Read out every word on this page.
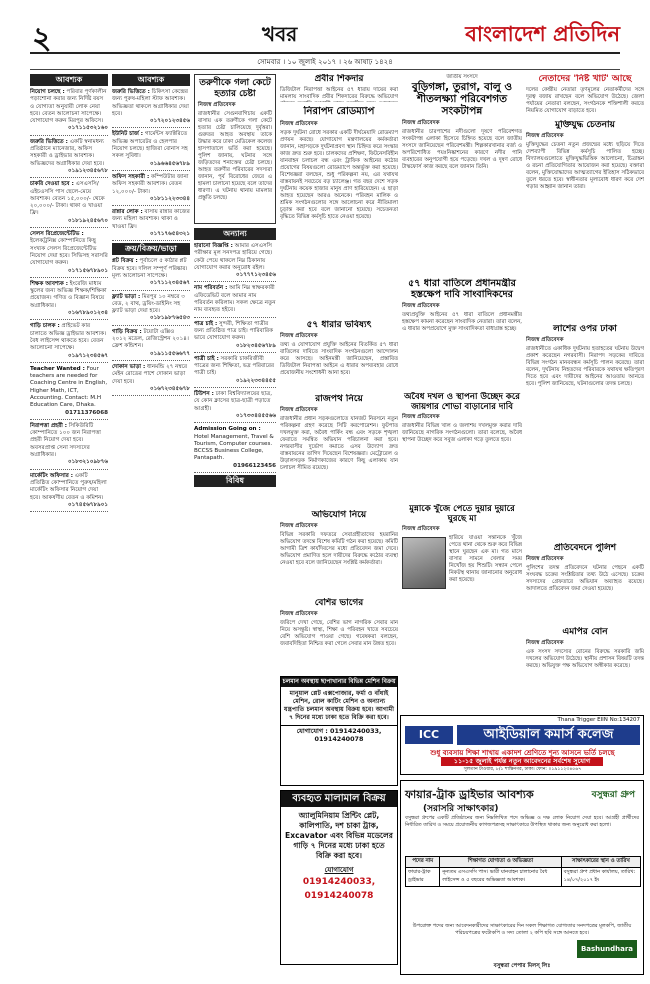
২	খবর	বাংলাদেশ প্রতিদিন
সোমবার । ১০ জুলাই ২০১৭ । ২৬ আষাঢ় ১৪২৪
আবশ্যক
নিয়োগ চলছে : পরিবার পূর্ণকালীন পড়াশোনা করার জন্য নির্দিষ্ট বয়স ও যোগ্যতা অনুযায়ী লোক নেয়া হবে। বেতন আলোচনা সাপেক্ষে। যোগাযোগ করুন মিরপুর অফিসে।
০১৭১১৫৩২১৬০
জরুরি ভিত্তিতে : একটি স্বনামধন্য প্রতিষ্ঠানে ম্যানেজার, অফিস সহকারী ও ড্রাইভার আবশ্যক। অভিজ্ঞদের অগ্রাধিকার দেয়া হবে।
০১৯১২৩৪৫৬৭৮
চাকরি দেওয়া হবে : এসএসসি/এইচএসসি পাস ছেলে-মেয়ে আবশ্যক। বেতন ১৫,০০০/- থেকে ২০,০০০/- টাকা। থাকা ও খাওয়া ফ্রি।
০১৮১৯২৪৫৬৭০
সেলস রিপ্রেজেন্টেটিভ : ইলেকট্রনিক্স কোম্পানিতে কিছু সংখ্যক সেলস রিপ্রেজেন্টেটিভ নিয়োগ দেয়া হবে। সিভিসহ সরাসরি যোগাযোগ করুন।
০১৭১৫৬৭৮৯০১
শিক্ষক আবশ্যক : ইংরেজি মাধ্যম স্কুলের জন্য অভিজ্ঞ শিক্ষক/শিক্ষিকা প্রয়োজন। গণিত ও বিজ্ঞান বিষয়ে অগ্রাধিকার।
০১৬৭৮৯০১২৩৪
গাড়ি চালক : প্রাইভেট কার চালাতে অভিজ্ঞ ড্রাইভার আবশ্যক। বৈধ লাইসেন্স থাকতে হবে। বেতন আলোচনা সাপেক্ষে।
০১৯৭১২৩৪৫৬৭
Teacher Wanted : Four teachers are needed for Coaching Centre in English, Higher Math, ICT, Accounting. Contact: M.H Education Care, Dhaka.
01711376068
নিরাপত্তা প্রহরী : সিকিউরিটি কোম্পানিতে ১০০ জন নিরাপত্তা প্রহরী নিয়োগ দেয়া হবে। অবসরপ্রাপ্ত সেনা সদস্যদের অগ্রাধিকার।
০১৮৩২১০৯৮৭৬
মার্কেটিং অফিসার : একটি প্রতিষ্ঠিত কোম্পানিতে পুরুষ/মহিলা মার্কেটিং অফিসার নিয়োগ দেয়া হবে। আকর্ষণীয় বেতন ও কমিশন।
০১৭৪৫৬৭৮৯০১
আবশ্যক
জরুরি ভিত্তিতে : চিকিৎসা কেন্দ্রের জন্য পুরুষ-মহিলা স্টাফ আবশ্যক। অভিজ্ঞতা থাকলে অগ্রাধিকার দেয়া হবে।
০১৭২০১২৩৪৫৬
ইউনিট চার্জ : গার্মেন্টস ফ্যাক্টরিতে অভিজ্ঞ অপারেটর ও হেলপার নিয়োগ চলছে। হাজিরা বোনাস সহ সকল সুবিধা।
০১৯৬৬৪৫৬৭৮৯
অফিস সহকারী : কম্পিউটার জানা অফিস সহকারী আবশ্যক। বেতন ১২,০০০/- টাকা।
০১৮১১২২৩৩৪৪
রান্নার লোক : বাসায় রান্নার কাজের জন্য মহিলা আবশ্যক। থাকা ও খাওয়া ফ্রি।
০১৭১৭৬৫৪৩২১
ক্রয়/বিক্রয়/ভাড়া
প্লট বিক্রয় : পূর্বাচলে ৫ কাঠার প্লট বিক্রয় হবে। দলিল সম্পূর্ণ পরিষ্কার। মূল্য আলোচনা সাপেক্ষে।
০১৭১১২৩৪৫৬৭
ফ্ল্যাট ভাড়া : মিরপুর ১০ নম্বরে ৩ বেড, ২ বাথ, ড্রয়িং-ডাইনিং সহ ফ্ল্যাট ভাড়া দেয়া হবে।
০১৮১৯৮৭৬৫৪৩
গাড়ি বিক্রয় : টয়োটা এক্সিও ২০১২ মডেল, রেজিস্ট্রেশন ২০১৪। ফ্রেশ কন্ডিশন।
০১৯১১৫৫৬৬৭৭
দোকান ভাড়া : ধানমন্ডি ২৭ নম্বরে মেইন রোডের পাশে দোকান ভাড়া দেয়া হবে।
০১৬৭২৩৪৫৬৭৮
তরুণীকে গলা কেটে হত্যার চেষ্টা
নিজস্ব প্রতিবেদক

রাজধানীর সেগুনবাগিচায় একটি বাসায় এক তরুণীকে গলা কেটে হত্যার চেষ্টা চালিয়েছে দুর্বৃত্তরা। গুরুতর আহত অবস্থায় তাকে উদ্ধার করে ঢাকা মেডিকেল কলেজ হাসপাতালে ভর্তি করা হয়েছে। পুলিশ জানায়, ঘটনার সঙ্গে জড়িতদের শনাক্তের চেষ্টা চলছে। আহত তরুণীর পরিবারের সদস্যরা জানান, পূর্ব বিরোধের জেরে এ হামলা চালানো হয়েছে বলে তাদের ধারণা। এ ঘটনায় থানায় মামলার প্রস্তুতি চলছে।

অন্যান্য
হারানো বিজ্ঞপ্তি : আমার এসএসসি পরীক্ষার মূল সনদপত্র হারিয়ে গেছে। কেউ পেয়ে থাকলে নিম্ন ঠিকানায় যোগাযোগ করার অনুরোধ রইল।
০১৭৭৭১২৩৪৫৬
নাম পরিবর্তন : আমি নিম্ন স্বাক্ষরকারী এফিডেভিট বলে আমার নাম পরিবর্তন করিলাম। সকল ক্ষেত্রে নতুন নাম ব্যবহৃত হইবে।
পাত্র চাই : সুন্দরী, শিক্ষিতা পাত্রীর জন্য প্রতিষ্ঠিত পাত্র চাই। পারিবারিক ভাবে যোগাযোগ করুন।
০১৮২৩৪৫৬৭৮৯
পাত্রী চাই : সরকারি চাকরিজীবী পাত্রের জন্য শিক্ষিতা, ভদ্র পরিবারের পাত্রী চাই।
০১৯২২৩৩৪৪৫৫
টিউশন : ঢাকা বিশ্ববিদ্যালয়ের ছাত্র, যে কোন ক্লাসের ছাত্র-ছাত্রী পড়াতে আগ্রহী।
০১৭৩৩৪৪৫৫৬৬
Admission Going on : Hotel Management, Travel & Tourism, Computer courses. BCCSS Business College, Pantapath.
01966123456
বিবিধ
প্রবীর শিকদার

ডিজিটাল নিরাপত্তা আইনের ৫৭ ধারায় দায়ের করা মামলায় সাংবাদিক প্রবীর শিকদারের বিরুদ্ধে অভিযোগ

নিরাপদ রোডম্যাপ
নিজস্ব প্রতিবেদক

সড়ক দুর্ঘটনা রোধে সরকার একটি দীর্ঘমেয়াদি রোডম্যাপ প্রণয়ন করছে। যোগাযোগ মন্ত্রণালয়ের কর্মকর্তারা জানান, মহাসড়কে দুর্ঘটনাপ্রবণ স্থান চিহ্নিত করে সংস্কার কাজ দ্রুত শুরু হবে। চালকদের প্রশিক্ষণ, ফিটনেসবিহীন যানবাহন চলাচল বন্ধ এবং ট্রাফিক আইনের কঠোর প্রয়োগের বিষয়গুলো রোডম্যাপে অন্তর্ভুক্ত করা হয়েছে। বিশেষজ্ঞরা বলছেন, শুধু পরিকল্পনা নয়, এর যথাযথ বাস্তবায়নই সবচেয়ে বড় চ্যালেঞ্জ। গত বছর দেশে সড়ক দুর্ঘটনায় কয়েক হাজার মানুষ প্রাণ হারিয়েছেন। এ ছাড়া আহত হয়েছেন আরও অনেকে। পরিবহন মালিক ও শ্রমিক সংগঠনগুলোর সঙ্গে আলোচনা করে নীতিমালা চূড়ান্ত করা হবে বলে জানানো হয়েছে। সচেতনতা বৃদ্ধিতে বিভিন্ন কর্মসূচি হাতে নেওয়া হয়েছে।

৫৭ ধারার ভবিষ্যৎ
নিজস্ব প্রতিবেদক

তথ্য ও যোগাযোগ প্রযুক্তি আইনের বিতর্কিত ৫৭ ধারা বাতিলের দাবিতে সাংবাদিক সংগঠনগুলো আন্দোলন করে আসছে। আইনমন্ত্রী জানিয়েছেন, প্রস্তাবিত ডিজিটাল নিরাপত্তা আইনে এ ধারার অপব্যবহার রোধে প্রয়োজনীয় সংশোধনী আনা হবে।

রাজপথ নিয়ে
নিজস্ব প্রতিবেদক

রাজধানীর প্রধান সড়কগুলোতে যানজট নিরসনে নতুন পরিকল্পনা গ্রহণ করেছে সিটি করপোরেশন। ফুটপাত দখলমুক্ত করা, অবৈধ পার্কিং বন্ধ এবং সড়কে শৃঙ্খলা ফেরাতে সমন্বিত অভিযান পরিচালনা করা হবে। নগরবাসীর দুর্ভোগ কমাতে এসব উদ্যোগ দ্রুত বাস্তবায়নের তাগিদ দিয়েছেন বিশেষজ্ঞরা। মেট্রোরেল ও উড়ালসড়ক নির্মাণকাজের কারণে কিছু এলাকায় যান চলাচল সীমিত রয়েছে।

অভিযোগ নিয়ে
নিজস্ব প্রতিবেদক

বিভিন্ন সরকারি দফতরে সেবাগ্রহীতাদের হয়রানির অভিযোগ তদন্তে বিশেষ কমিটি গঠন করা হয়েছে। কমিটি আগামী ত্রিশ কার্যদিবসের মধ্যে প্রতিবেদন জমা দেবে। অভিযোগ প্রমাণিত হলে দায়ীদের বিরুদ্ধে কঠোর ব্যবস্থা নেওয়া হবে বলে জানিয়েছেন সংশ্লিষ্ট কর্মকর্তারা।

বেশির ভাগের
নিজস্ব প্রতিবেদক

জরিপে দেখা গেছে, বেশির ভাগ নাগরিক সেবার মান নিয়ে অসন্তুষ্ট। স্বাস্থ্য, শিক্ষা ও পরিবহন খাতে সবচেয়ে বেশি অভিযোগ পাওয়া গেছে। গবেষকরা বলছেন, জবাবদিহিতা নিশ্চিত করা গেলে সেবার মান উন্নত হবে।

চলমান অবস্থায় ছাপাখানার বিভিন্ন মেশিন বিক্রয়
মানুয়াল প্লেট এক্সপোজার, ফর্মা ও বাঁধাই মেশিন, রোল কাটিং মেশিন ও অন্যান্য যন্ত্রপাতি চলমান অবস্থায় বিক্রয় হবে। আগামী ৭ দিনের মধ্যে ঢাকা হতে বিক্রি করা হবে।
যোগাযোগ : 01914240033, 01914240078
ব্যবহৃত মালামাল বিক্রয়
অ্যালুমিনিয়াম প্রিন্টিং প্লেট, কালিপাতি, দশ চাকা ট্রাক, Excavator এবং বিভিন্ন মডেলের গাড়ি ৭ দিনের মধ্যে ঢাকা হতে বিক্রি করা হবে।
যোগাযোগ
01914240033, 01914240078
জাতীয় সংসদে
বুড়িগঙ্গা, তুরাগ, বালু ও শীতলক্ষ্যা পরিবেশগত সংকটাপন্ন
নিজস্ব প্রতিবেদক

রাজধানীর চারপাশের নদীগুলো দূষণে পরিবেশগত সংকটাপন্ন এলাকা হিসেবে চিহ্নিত হয়েছে বলে জাতীয় সংসদে জানিয়েছেন পরিবেশমন্ত্রী। শিল্পকারখানার বর্জ্য ও অপরিশোধিত পয়ঃনিষ্কাশনের কারণে নদীর পানি ব্যবহারের অনুপযোগী হয়ে পড়েছে। দখল ও দূষণ রোধে টাস্কফোর্স কাজ করছে বলে জানান তিনি।

৫৭ ধারা বাতিলে প্রধানমন্ত্রীর হস্তক্ষেপ দাবি সাংবাদিকদের
নিজস্ব প্রতিবেদক

তথ্যপ্রযুক্তি আইনের ৫৭ ধারা বাতিলে প্রধানমন্ত্রীর হস্তক্ষেপ কামনা করেছেন সাংবাদিক নেতারা। তারা বলেন, এ ধারার অপপ্রয়োগে মুক্ত সাংবাদিকতা বাধাগ্রস্ত হচ্ছে।

অবৈধ দখল ও স্থাপনা উচ্ছেদ করে জায়গার শোভা বাড়ানোর দাবি
নিজস্ব প্রতিবেদক

রাজধানীর বিভিন্ন খাল ও জলাশয় দখলমুক্ত করার দাবি জানিয়েছে নাগরিক সংগঠনগুলো। তারা বলেছে, অবৈধ স্থাপনা উচ্ছেদ করে সবুজ এলাকা গড়ে তুলতে হবে।

মুন্নাকে খুঁজে পেতে দুয়ার দুয়ারে ঘুরছে মা
নিজস্ব প্রতিবেদক

হারিয়ে যাওয়া সন্তানকে খুঁজে পেতে থানা থেকে শুরু করে বিভিন্ন স্থানে ঘুরছেন এক মা। গত মাসে বাসার সামনে খেলার সময় নিখোঁজ হয় শিশুটি। সন্ধান পেলে নিকটস্থ থানায় জানানোর অনুরোধ করা হয়েছে।

নেতাদের 'নিষ্ট খাট' আছে

দলের কেন্দ্রীয় নেতারা তৃণমূলের নেতাকর্মীদের সঙ্গে দূরত্ব বজায় রাখছেন বলে অভিযোগ উঠেছে। জেলা পর্যায়ের নেতারা বলছেন, সংগঠনকে শক্তিশালী করতে নিয়মিত যোগাযোগ বাড়াতে হবে।

মুক্তিযুদ্ধ চেতনায়
নিজস্ব প্রতিবেদক

মুক্তিযুদ্ধের চেতনা নতুন প্রজন্মের মধ্যে ছড়িয়ে দিতে দেশব্যাপী বিভিন্ন কর্মসূচি পালিত হচ্ছে। বিদ্যালয়গুলোতে মুক্তিযুদ্ধভিত্তিক আলোচনা, চিত্রাঙ্কন ও রচনা প্রতিযোগিতার আয়োজন করা হয়েছে। বক্তারা বলেন, মুক্তিযোদ্ধাদের আত্মত্যাগের ইতিহাস সঠিকভাবে তুলে ধরতে হবে। স্বাধীনতার মূল্যবোধ ধারণ করে দেশ গড়ার আহ্বান জানান তারা।

লাশের ওপর ঢাকা
নিজস্ব প্রতিবেদক

রাজধানীতে একাধিক দুর্ঘটনায় হতাহতের ঘটনায় উদ্বেগ প্রকাশ করেছেন নগরবাসী। নিরাপদ সড়কের দাবিতে বিভিন্ন সংগঠন মানববন্ধন কর্মসূচি পালন করেছে। তারা বলেন, দুর্ঘটনায় নিহতদের পরিবারকে যথাযথ ক্ষতিপূরণ দিতে হবে এবং দায়ীদের আইনের আওতায় আনতে হবে। পুলিশ জানিয়েছে, ঘটনাগুলোর তদন্ত চলছে।

প্রতিবেদনে পুলিশ
নিজস্ব প্রতিবেদক

পুলিশের তদন্ত প্রতিবেদনে ঘটনার পেছনে একটি সংঘবদ্ধ চক্রের সংশ্লিষ্টতার তথ্য উঠে এসেছে। চক্রের সদস্যদের গ্রেফতারে অভিযান অব্যাহত রয়েছে। আদালতে প্রতিবেদন জমা দেওয়া হয়েছে।

এমপির বোন
নিজস্ব প্রতিবেদক

এক সংসদ সদস্যের বোনের বিরুদ্ধে সরকারি জমি দখলের অভিযোগ উঠেছে। স্থানীয় প্রশাসন বিষয়টি তদন্ত করছে। অভিযুক্ত পক্ষ অভিযোগ অস্বীকার করেছে।

Thana Trigger EIIN No:134207
ICC	আইডিয়াল কমার্স কলেজ
শুধু ব্যবসায় শিক্ষা শাখায় একাদশ শ্রেণিতে শূন্য আসনে ভর্তি চলছে
১১-১৫ জুলাই পর্যন্ত নতুন আবেদনের সর্বশেষ সুযোগ
সুলতান টাওয়ার, ৮/১ শান্তিনগর, ঢাকা। ফোন: ০১৯১১২৩৪৫৬৭
ফায়ার-ট্রাক ড্রাইভার আবশ্যক
(সরাসরি সাক্ষাৎকার)
বসুন্ধরা গ্রুপ
বসুন্ধরা গ্রুপের একটি প্রতিষ্ঠানের জন্য নিম্নলিখিত পদে অভিজ্ঞ ও দক্ষ লোক নিয়োগ দেয়া হবে। আগ্রহী প্রার্থীদের নির্ধারিত তারিখ ও সময়ে প্রয়োজনীয় কাগজপত্রসহ সাক্ষাৎকারে উপস্থিত থাকার জন্য অনুরোধ করা হলো।
পদের নাম	শিক্ষাগত যোগ্যতা ও অভিজ্ঞতা	সাক্ষাৎকারের স্থান ও তারিখ
ফায়ার-ট্রাক ড্রাইভার	নূন্যতম এসএসসি পাস। ভারী যানবাহন চালানোর বৈধ লাইসেন্স ও ৫ বছরের অভিজ্ঞতা আবশ্যক।	বসুন্ধরা গ্রুপ প্রধান কার্যালয়, তারিখ: ১৪/০৭/২০১৭ ইং
উপরোক্ত পদের জন্য আবেদনকারীদের সাক্ষাৎকারের দিন সকল শিক্ষাগত যোগ্যতার সনদপত্রের মূলকপি, জাতীয় পরিচয়পত্রের ফটোকপি ও সদ্য তোলা ২ কপি ছবি সঙ্গে আনতে হবে।
Bashundhara
বসুন্ধরা পেপার মিলস্ লিঃ
